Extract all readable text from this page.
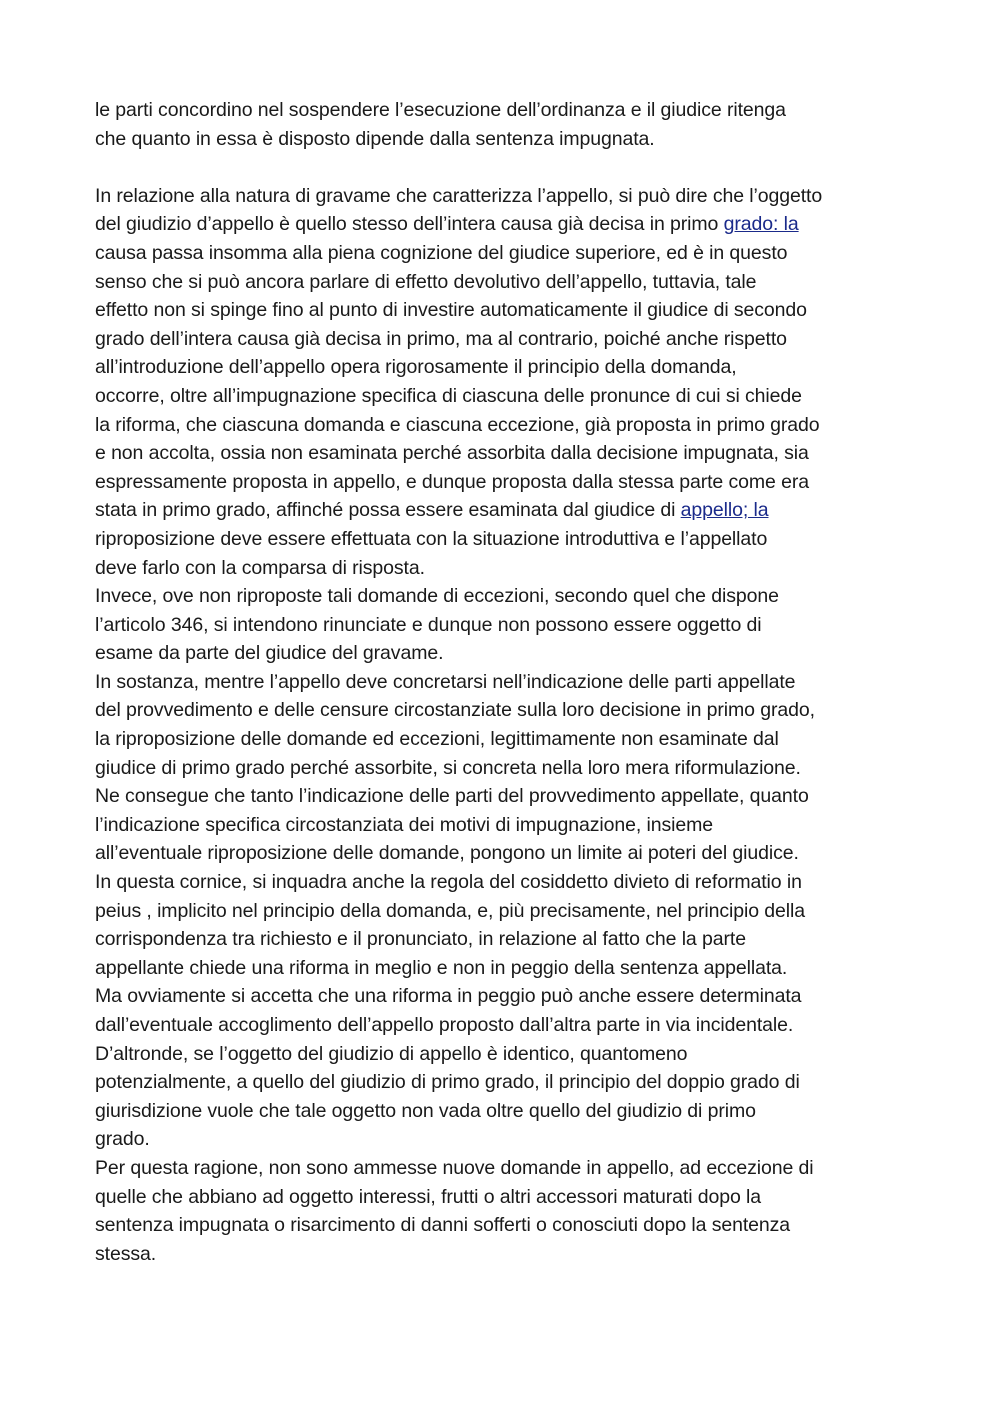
le parti concordino nel sospendere l’esecuzione dell’ordinanza e il giudice ritenga
che quanto in essa è disposto dipende dalla sentenza impugnata.
In relazione alla natura di gravame che caratterizza l’appello, si può dire che l’oggetto
del giudizio d’appello è quello stesso dell’intera causa già decisa in primo grado: la
causa passa insomma alla piena cognizione del giudice superiore, ed è in questo
senso che si può ancora parlare di effetto devolutivo dell’appello, tuttavia, tale
effetto non si spinge fino al punto di investire automaticamente il giudice di secondo
grado dell’intera causa già decisa in primo, ma al contrario, poiché anche rispetto
all’introduzione dell’appello opera rigorosamente il principio della domanda,
occorre, oltre all’impugnazione specifica di ciascuna delle pronunce di cui si chiede
la riforma, che ciascuna domanda e ciascuna eccezione, già proposta in primo grado
e non accolta, ossia non esaminata perché assorbita dalla decisione impugnata, sia
espressamente proposta in appello, e dunque proposta dalla stessa parte come era
stata in primo grado, affinché possa essere esaminata dal giudice di appello; la
riproposizione deve essere effettuata con la situazione introduttiva e l’appellato
deve farlo con la comparsa di risposta.
Invece, ove non riproposte tali domande di eccezioni, secondo quel che dispone
l’articolo 346, si intendono rinunciate e dunque non possono essere oggetto di
esame da parte del giudice del gravame.
In sostanza, mentre l’appello deve concretarsi nell’indicazione delle parti appellate
del provvedimento e delle censure circostanziate sulla loro decisione in primo grado,
la riproposizione delle domande ed eccezioni, legittimamente non esaminate dal
giudice di primo grado perché assorbite, si concreta nella loro mera riformulazione.
Ne consegue che tanto l’indicazione delle parti del provvedimento appellate, quanto
l’indicazione specifica circostanziata dei motivi di impugnazione, insieme
all’eventuale riproposizione delle domande, pongono un limite ai poteri del giudice.
In questa cornice, si inquadra anche la regola del cosiddetto divieto di reformatio in
peius , implicito nel principio della domanda, e, più precisamente, nel principio della
corrispondenza tra richiesto e il pronunciato, in relazione al fatto che la parte
appellante chiede una riforma in meglio e non in peggio della sentenza appellata.
Ma ovviamente si accetta che una riforma in peggio può anche essere determinata
dall’eventuale accoglimento dell’appello proposto dall’altra parte in via incidentale.
D’altronde, se l’oggetto del giudizio di appello è identico, quantomeno
potenzialmente, a quello del giudizio di primo grado, il principio del doppio grado di
giurisdizione vuole che tale oggetto non vada oltre quello del giudizio di primo
grado.
Per questa ragione, non sono ammesse nuove domande in appello, ad eccezione di
quelle che abbiano ad oggetto interessi, frutti o altri accessori maturati dopo la
sentenza impugnata o risarcimento di danni sofferti o conosciuti dopo la sentenza
stessa.
